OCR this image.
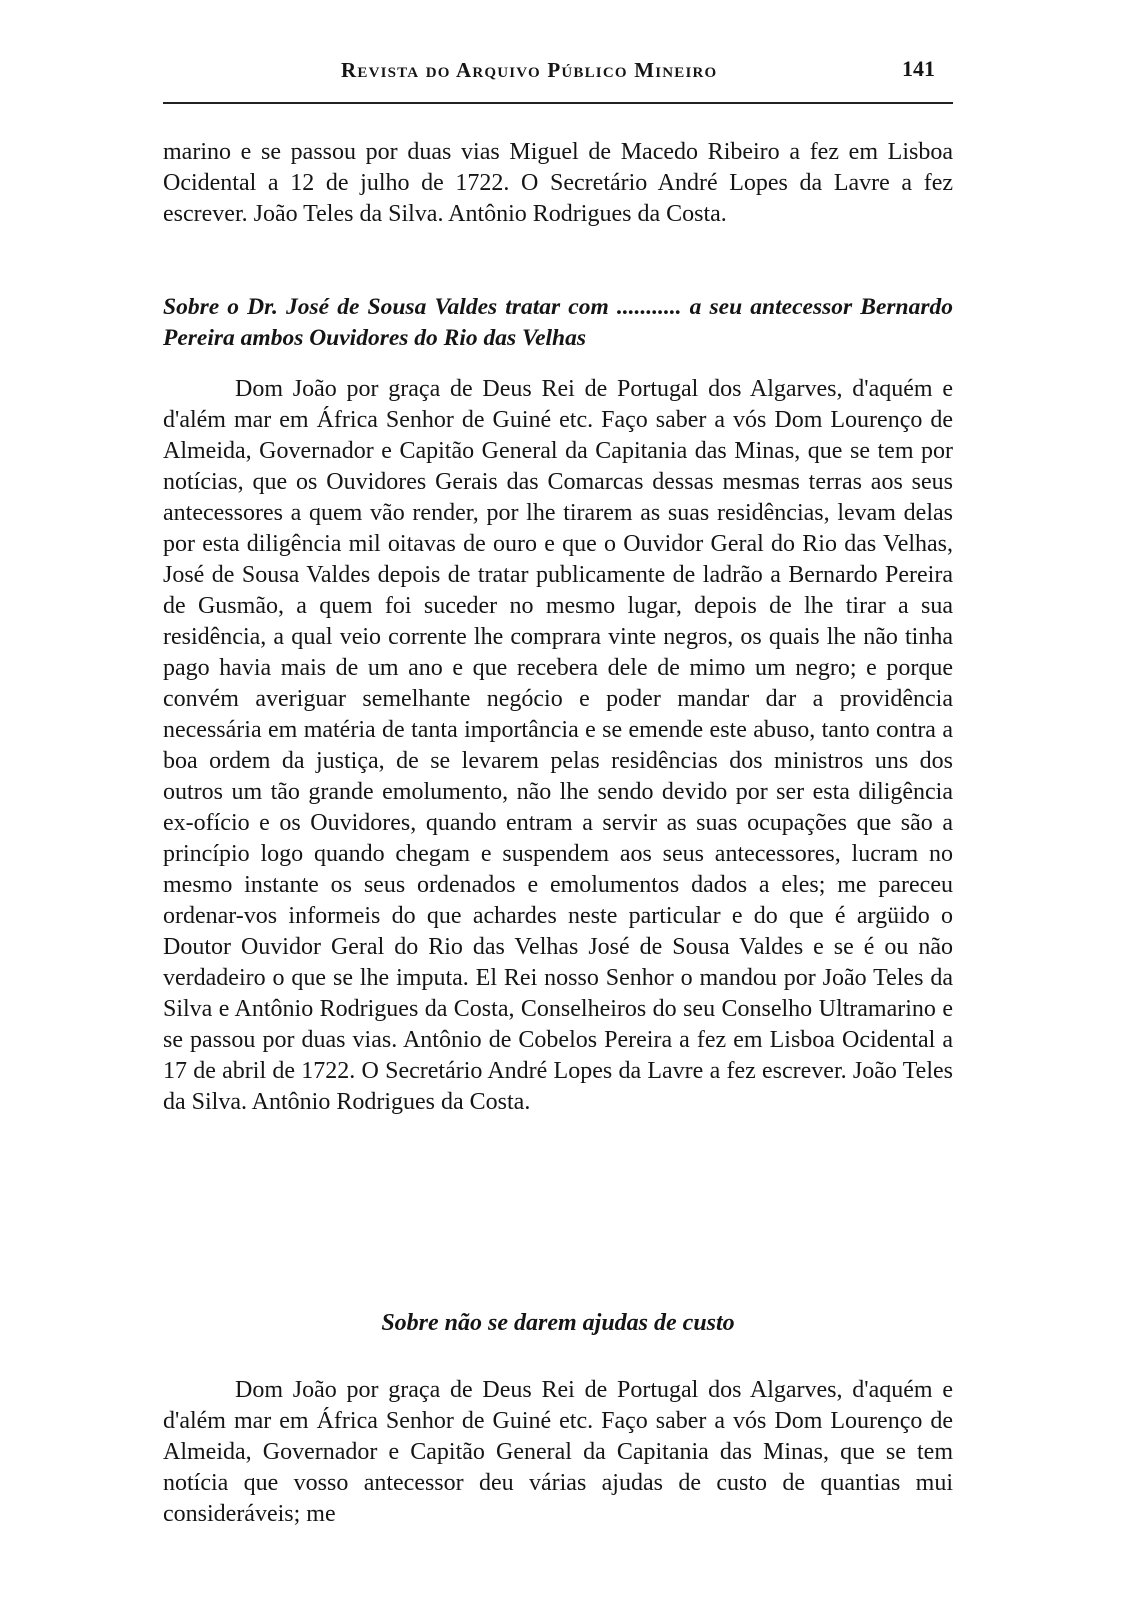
Revista do Arquivo Público Mineiro	141

marino e se passou por duas vias Miguel de Macedo Ribeiro a fez em Lisboa Ocidental a 12 de julho de 1722. O Secretário André Lopes da Lavre a fez escrever. João Teles da Silva. Antônio Rodrigues da Costa.

Sobre o Dr. José de Sousa Valdes tratar com ........... a seu antecessor Bernardo Pereira ambos Ouvidores do Rio das Velhas

Dom João por graça de Deus Rei de Portugal dos Algarves, d'aquém e d'além mar em África Senhor de Guiné etc. Faço saber a vós Dom Lourenço de Almeida, Governador e Capitão General da Capitania das Minas, que se tem por notícias, que os Ouvidores Gerais das Comarcas dessas mesmas terras aos seus antecessores a quem vão render, por lhe tirarem as suas residências, levam delas por esta diligência mil oitavas de ouro e que o Ouvidor Geral do Rio das Velhas, José de Sousa Valdes depois de tratar publicamente de ladrão a Bernardo Pereira de Gusmão, a quem foi suceder no mesmo lugar, depois de lhe tirar a sua residência, a qual veio corrente lhe comprara vinte negros, os quais lhe não tinha pago havia mais de um ano e que recebera dele de mimo um negro; e porque convém averiguar semelhante negócio e poder mandar dar a providência necessária em matéria de tanta importância e se emende este abuso, tanto contra a boa ordem da justiça, de se levarem pelas residências dos ministros uns dos outros um tão grande emolumento, não lhe sendo devido por ser esta diligência ex-ofício e os Ouvidores, quando entram a servir as suas ocupações que são a princípio logo quando chegam e suspendem aos seus antecessores, lucram no mesmo instante os seus ordenados e emolumentos dados a eles; me pareceu ordenar-vos informeis do que achardes neste particular e do que é argüido o Doutor Ouvidor Geral do Rio das Velhas José de Sousa Valdes e se é ou não verdadeiro o que se lhe imputa. El Rei nosso Senhor o mandou por João Teles da Silva e Antônio Rodrigues da Costa, Conselheiros do seu Conselho Ultramarino e se passou por duas vias. Antônio de Cobelos Pereira a fez em Lisboa Ocidental a 17 de abril de 1722. O Secretário André Lopes da Lavre a fez escrever. João Teles da Silva. Antônio Rodrigues da Costa.

Sobre não se darem ajudas de custo

Dom João por graça de Deus Rei de Portugal dos Algarves, d'aquém e d'além mar em África Senhor de Guiné etc. Faço saber a vós Dom Lourenço de Almeida, Governador e Capitão General da Capitania das Minas, que se tem notícia que vosso antecessor deu várias ajudas de custo de quantias mui consideráveis; me
